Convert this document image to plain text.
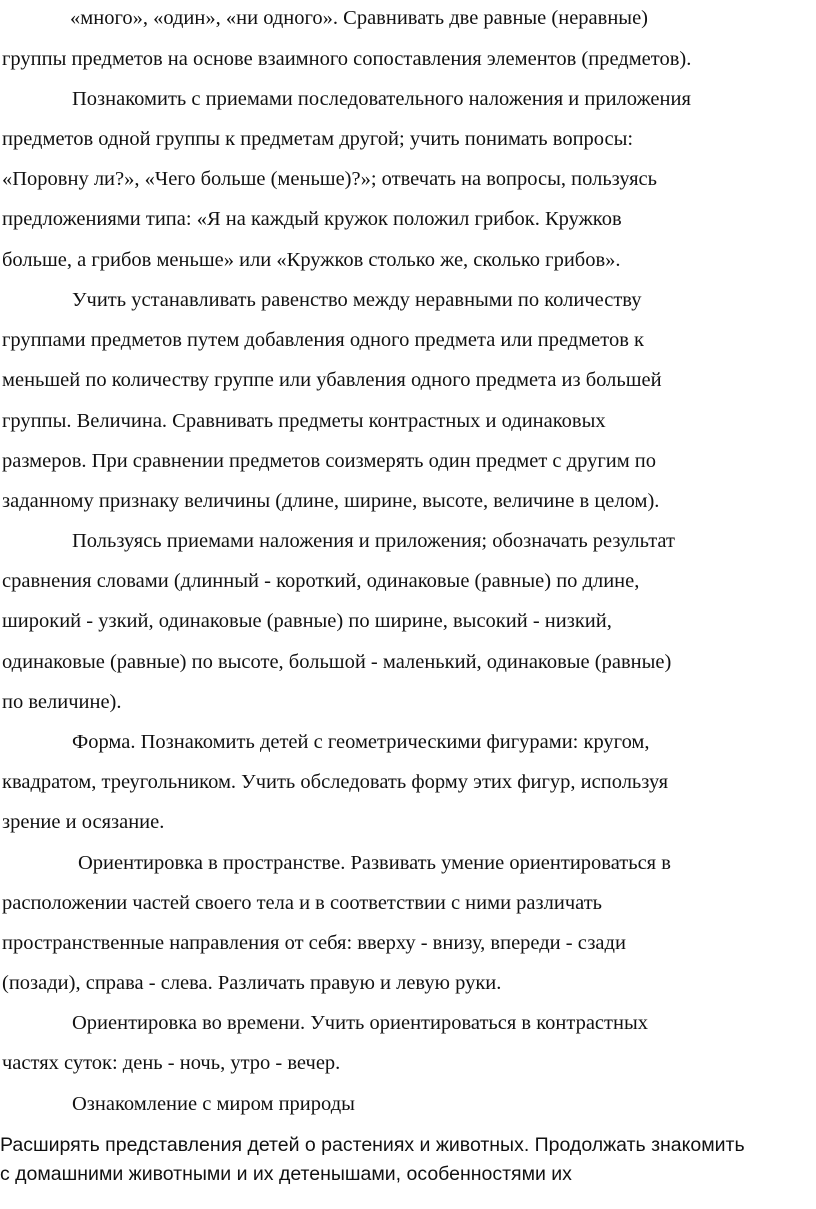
«много», «один», «ни одного». Сравнивать две равные (неравные)
группы предметов на основе взаимного сопоставления элементов (предметов).
Познакомить с приемами последовательного наложения и приложения
предметов одной группы к предметам другой; учить понимать вопросы:
«Поровну ли?», «Чего больше (меньше)?»; отвечать на вопросы, пользуясь
предложениями типа: «Я на каждый кружок положил грибок. Кружков
больше, а грибов меньше» или «Кружков столько же, сколько грибов».
Учить устанавливать равенство между неравными по количеству
группами предметов путем добавления одного предмета или предметов к
меньшей по количеству группе или убавления одного предмета из большей
группы. Величина. Сравнивать предметы контрастных и одинаковых
размеров. При сравнении предметов соизмерять один предмет с другим по
заданному признаку величины (длине, ширине, высоте, величине в целом).
Пользуясь приемами наложения и приложения; обозначать результат
сравнения словами (длинный - короткий, одинаковые (равные) по длине,
широкий - узкий, одинаковые (равные) по ширине, высокий - низкий,
одинаковые (равные) по высоте, большой - маленький, одинаковые (равные)
по величине).
Форма. Познакомить детей с геометрическими фигурами: кругом,
квадратом, треугольником. Учить обследовать форму этих фигур, используя
зрение и осязание.
Ориентировка в пространстве. Развивать умение ориентироваться в
расположении частей своего тела и в соответствии с ними различать
пространственные направления от себя: вверху - внизу, впереди - сзади
(позади), справа - слева. Различать правую и левую руки.
Ориентировка во времени. Учить ориентироваться в контрастных
частях суток: день - ночь, утро - вечер.
Ознакомление с миром природы
Расширять представления детей о растениях и животных. Продолжать знакомить
с домашними животными и их детенышами, особенностями их
